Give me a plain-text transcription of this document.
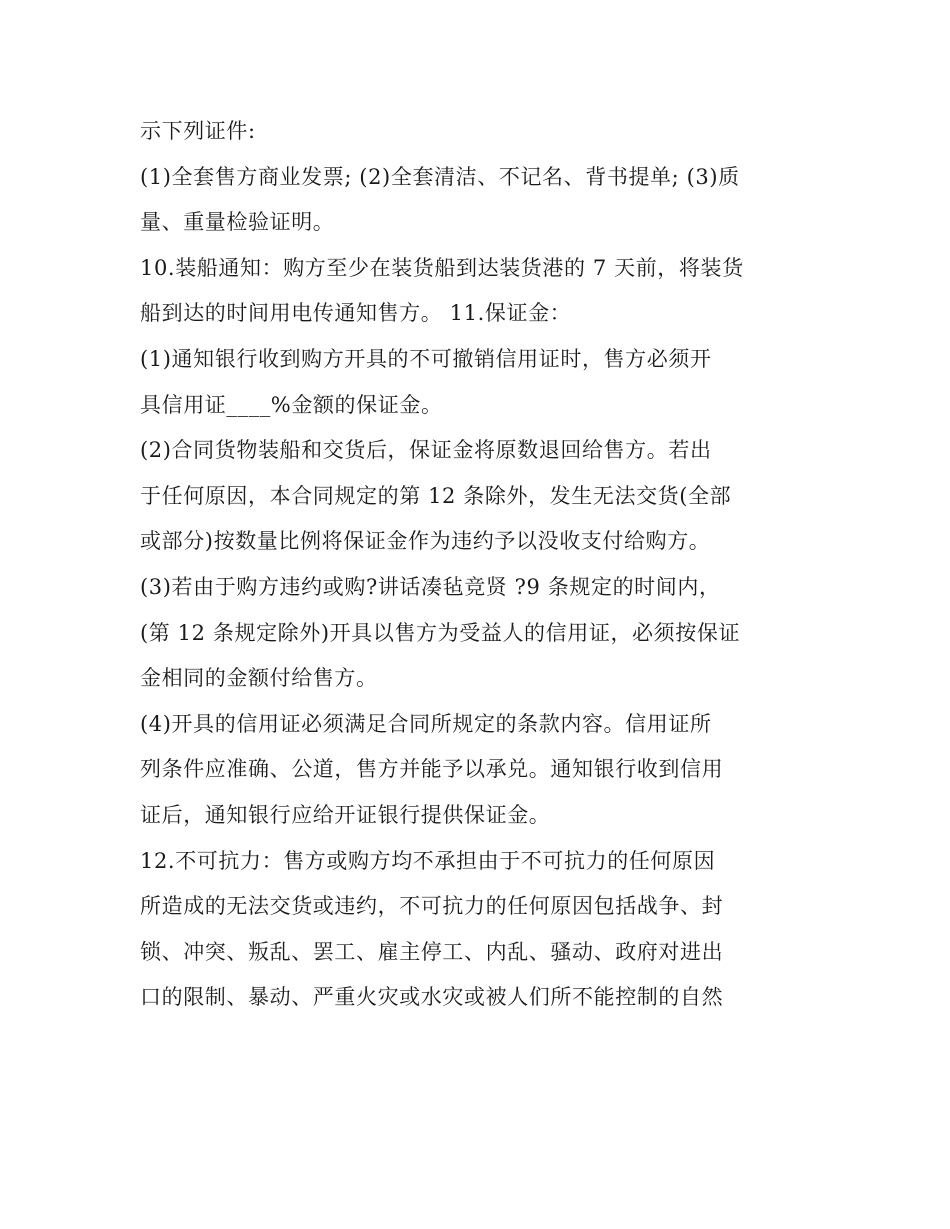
示下列证件:
(1)全套售方商业发票; (2)全套清洁、不记名、背书提单; (3)质
量、重量检验证明。
10.装船通知：购方至少在装货船到达装货港的 7 天前，将装货
船到达的时间用电传通知售方。 11.保证金：
(1)通知银行收到购方开具的不可撤销信用证时，售方必须开
具信用证____%金额的保证金。
(2)合同货物装船和交货后，保证金将原数退回给售方。若出
于任何原因，本合同规定的第 12 条除外，发生无法交货(全部
或部分)按数量比例将保证金作为违约予以没收支付给购方。
(3)若由于购方违约或购?讲话凑毡竞贤 ?9 条规定的时间内，
(第 12 条规定除外)开具以售方为受益人的信用证，必须按保证
金相同的金额付给售方。
(4)开具的信用证必须满足合同所规定的条款内容。信用证所
列条件应准确、公道，售方并能予以承兑。通知银行收到信用
证后，通知银行应给开证银行提供保证金。
12.不可抗力：售方或购方均不承担由于不可抗力的任何原因
所造成的无法交货或违约，不可抗力的任何原因包括战争、封
锁、冲突、叛乱、罢工、雇主停工、内乱、骚动、政府对进出
口的限制、暴动、严重火灾或水灾或被人们所不能控制的自然
